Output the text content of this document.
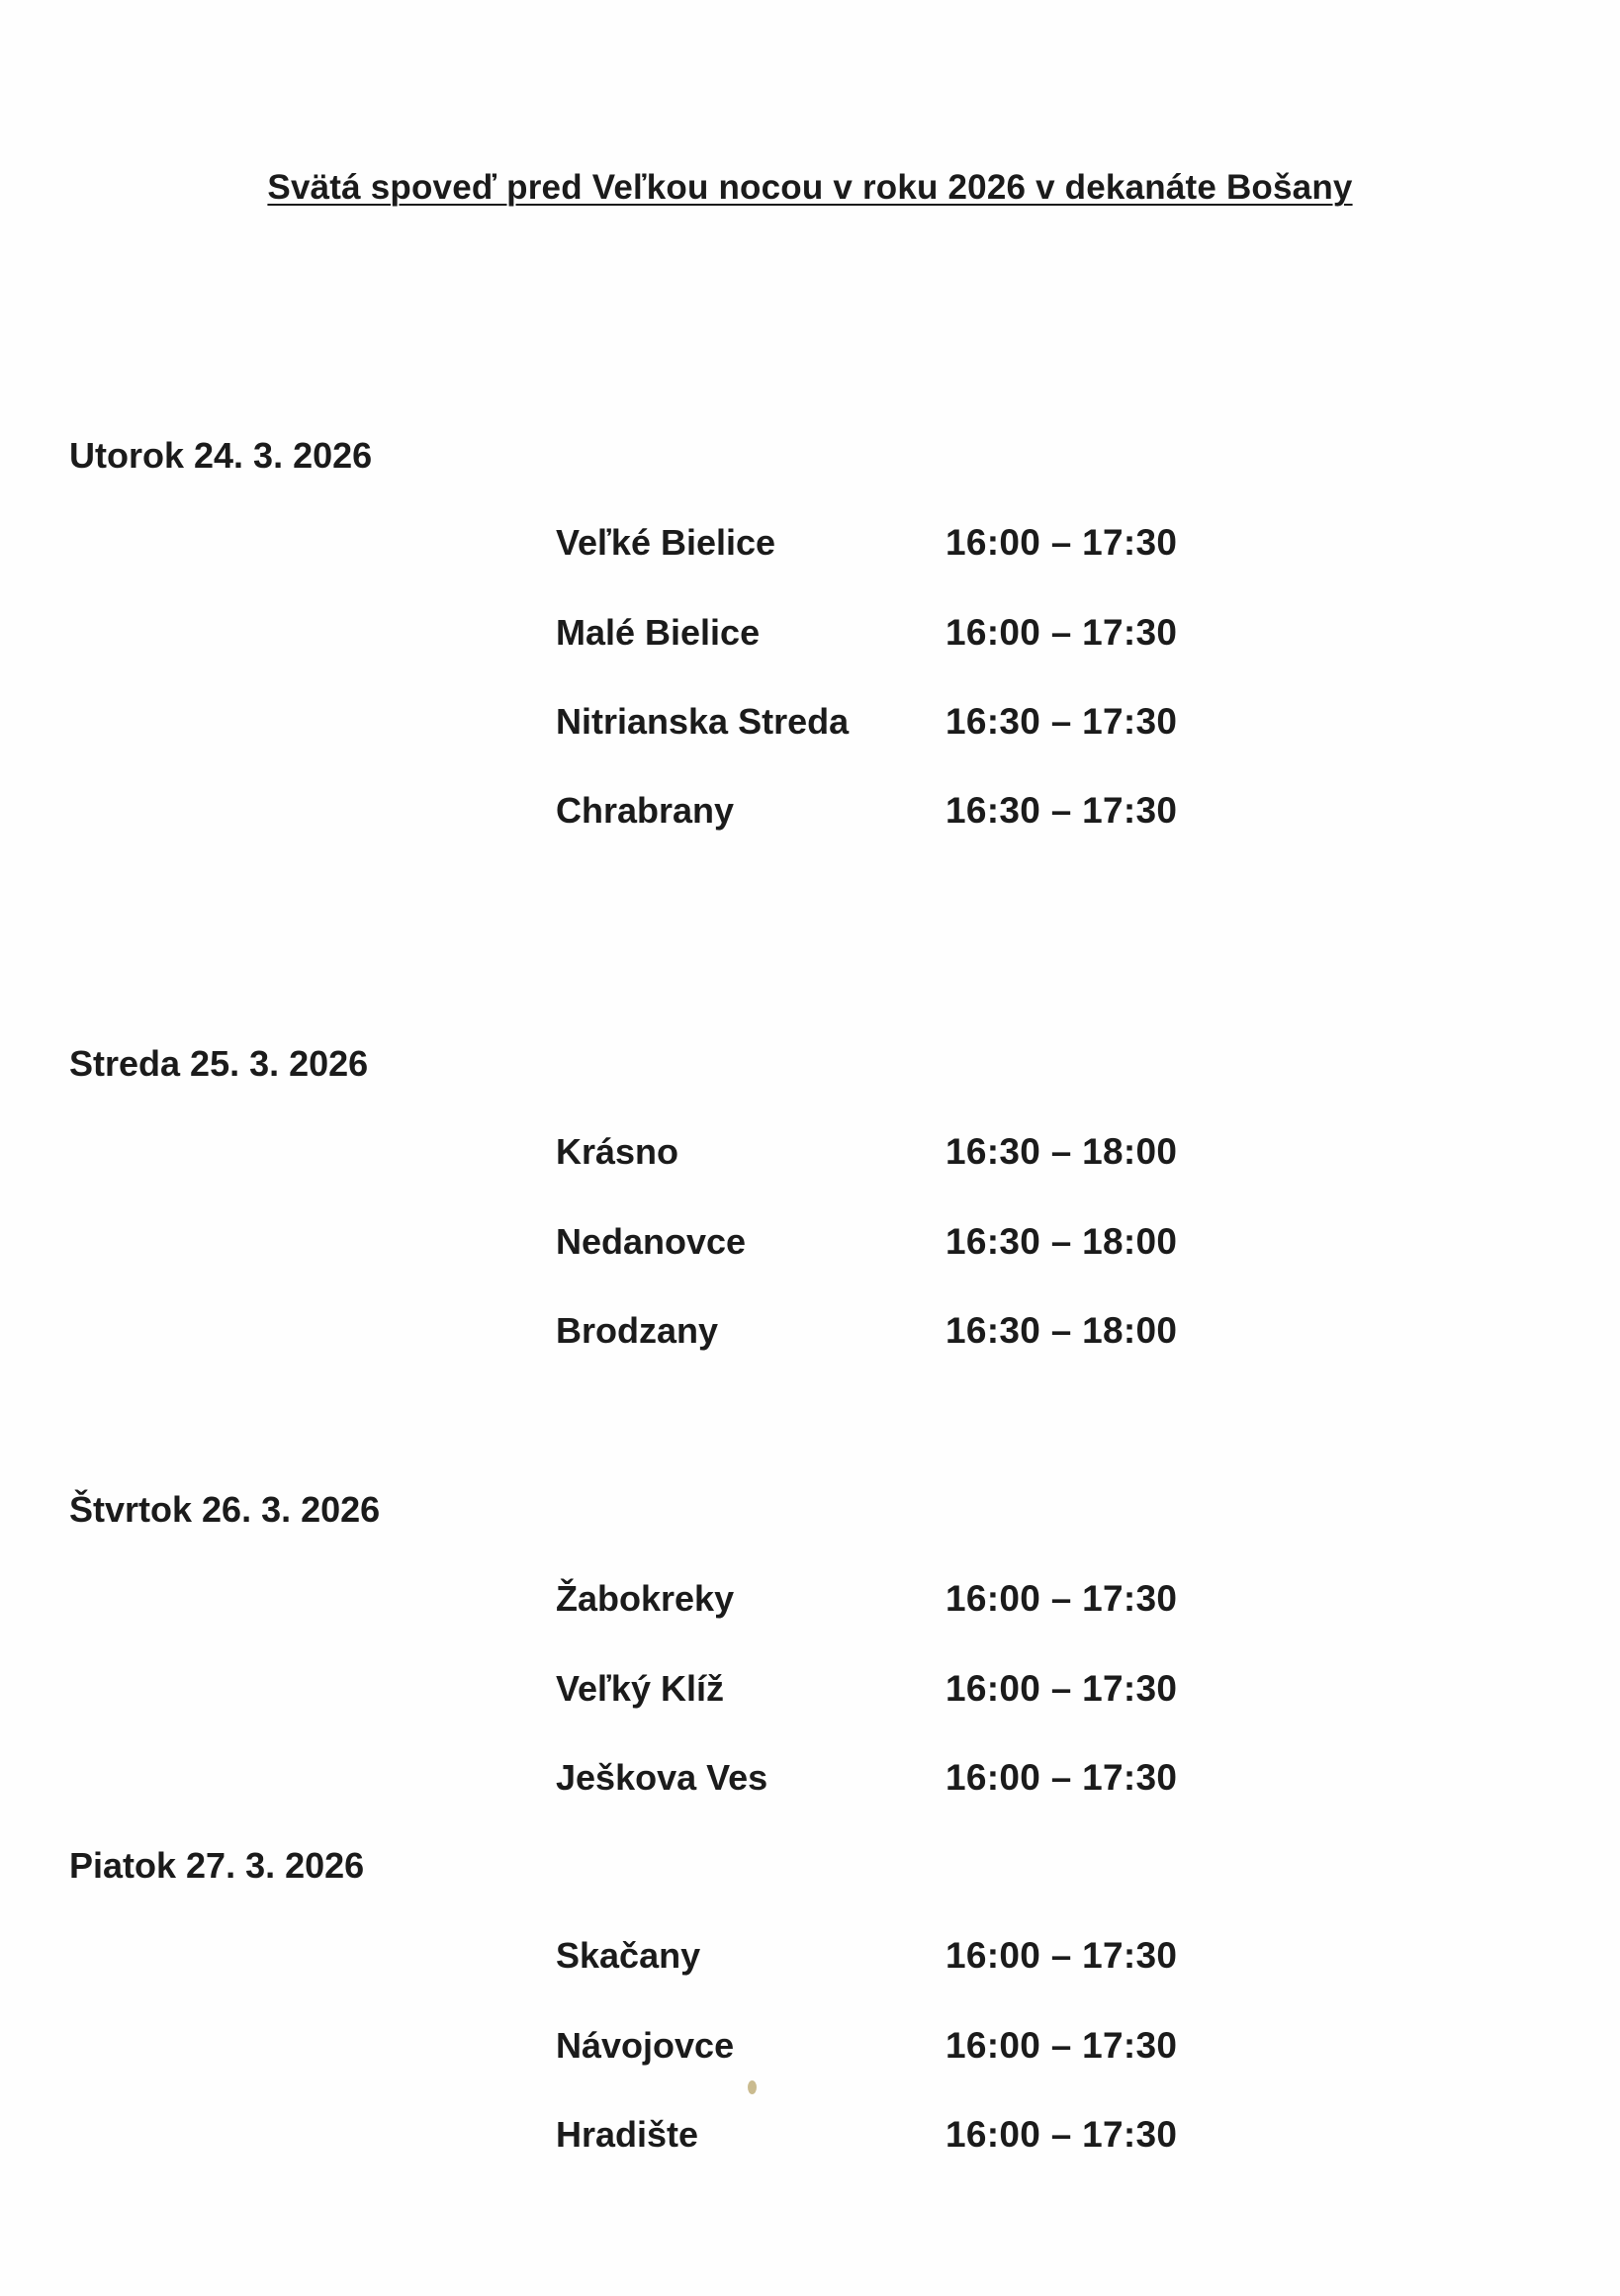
Svätá spoveď pred Veľkou nocou v roku 2026 v dekanáte Bošany
Utorok 24. 3. 2026
Veľké Bielice	16:00 – 17:30
Malé Bielice	16:00 – 17:30
Nitrianska Streda	16:30 – 17:30
Chrabrany	16:30 – 17:30
Streda 25. 3. 2026
Krásno	16:30 – 18:00
Nedanovce	16:30 – 18:00
Brodzany	16:30 – 18:00
Štvrtok 26. 3. 2026
Žabokreky	16:00 – 17:30
Veľký Klíž	16:00 – 17:30
Ješkova Ves	16:00 – 17:30
Piatok 27. 3. 2026
Skačany	16:00 – 17:30
Návojovce	16:00 – 17:30
Hradište	16:00 – 17:30
